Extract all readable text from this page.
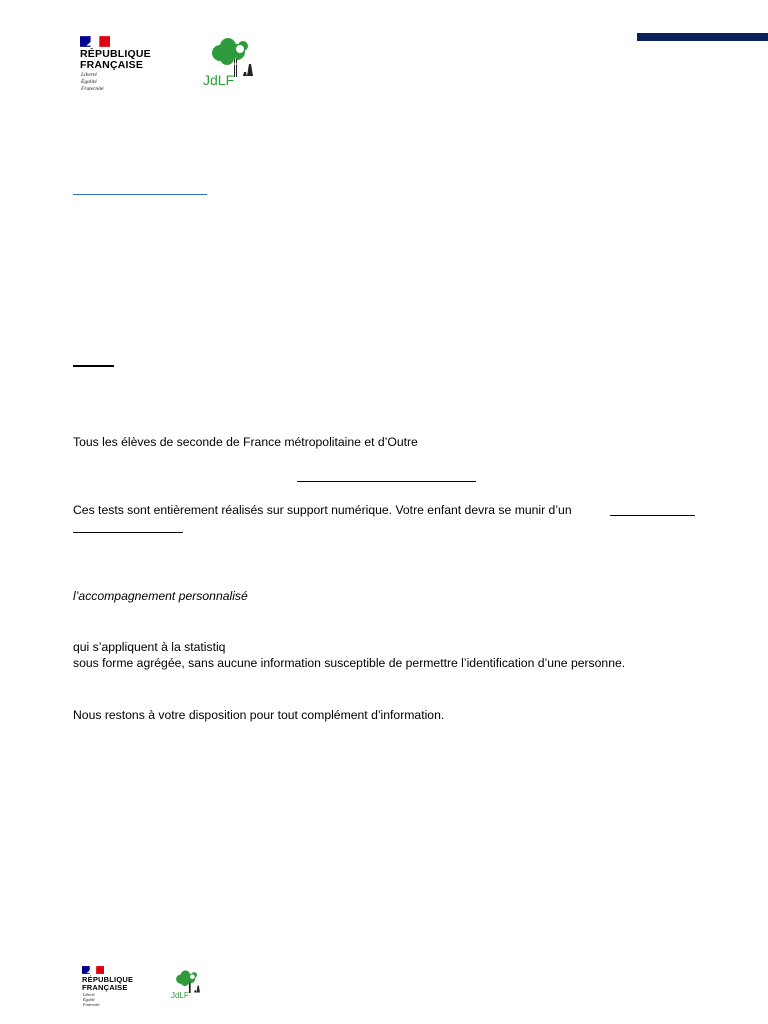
RÉPUBLIQUE
FRANÇAISE
Liberté
Égalité
Fraternité
JdLF
Tous les élèves de seconde de France métropolitaine et d’Outre
Ces tests sont entièrement réalisés sur support numérique. Votre enfant devra se munir d’un
l’accompagnement personnalisé
qui s’appliquent à la statistiq
sous forme agrégée, sans aucune information susceptible de permettre l’identification d’une personne.
Nous restons à votre disposition pour tout complément d’information.
RÉPUBLIQUE
FRANÇAISE
Liberté
Égalité
Fraternité
JdLF
